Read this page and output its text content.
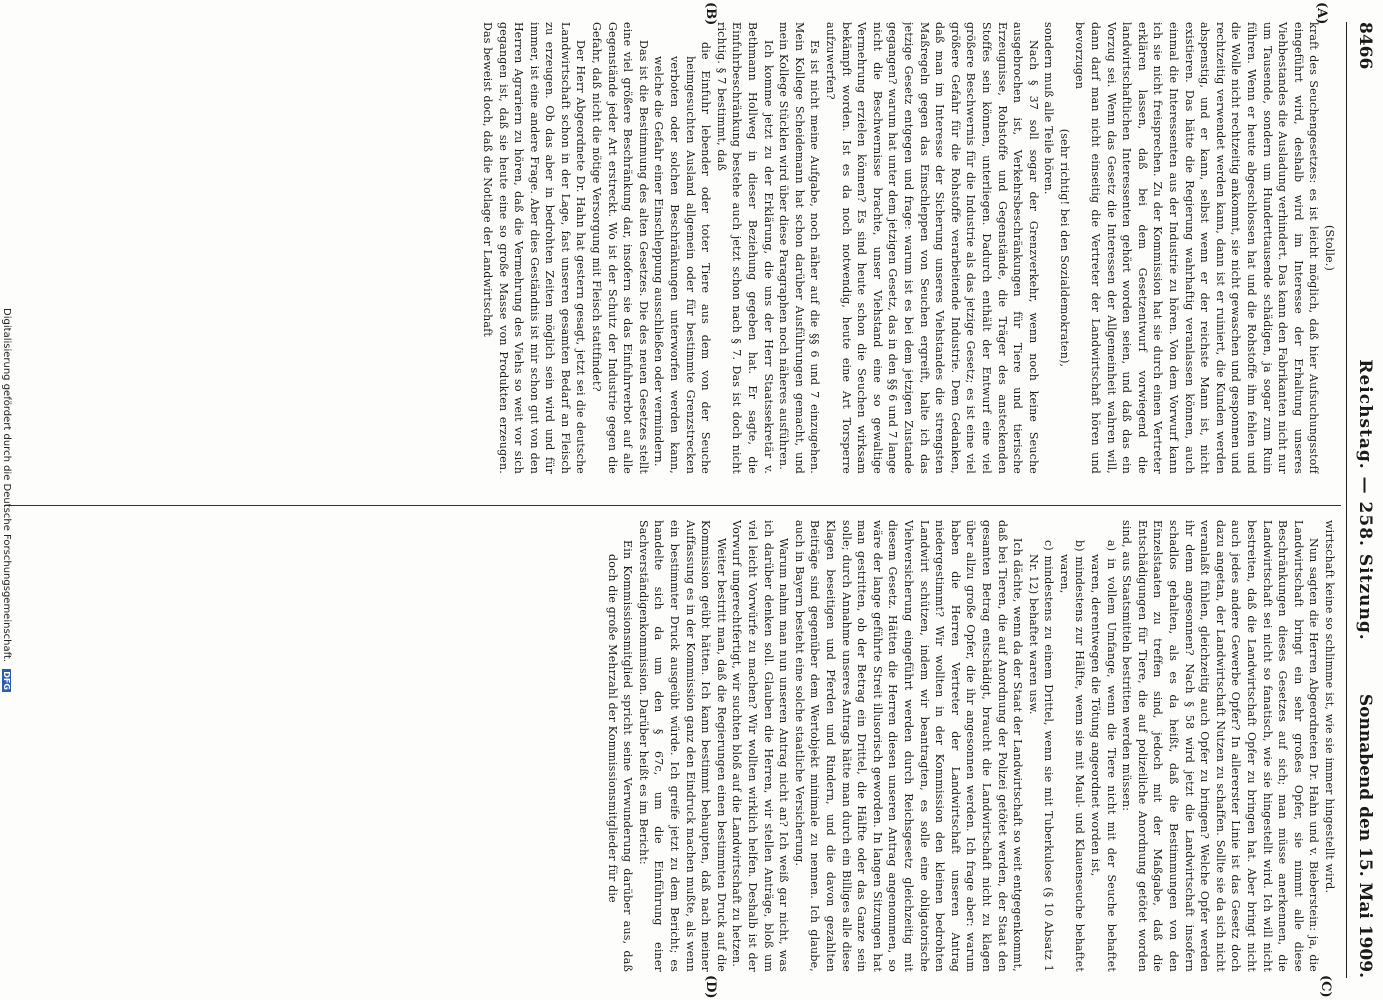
8466
Reichstag. — 258. Sitzung.
Sonnabend den 15. Mai 1909.
(A)
(B)
(C)
(D)

(Stolle.)

kraft des Seuchengesetzes: es ist leicht möglich, daß hier Aufsuchungsstoff eingeführt wird, deshalb wird im Interesse der Erhaltung unseres Viehbestandes die Ausladung verhindert. Das kann den Fabrikanten nicht nur um Tausende, sondern um Hunderttausende schädigen, ja sogar zum Ruin führen. Wenn er heute abgeschlossen hat und die Rohstoffe ihm fehlen und die Wolle nicht rechtzeitig ankommt, sie nicht gewaschen und gesponnen und rechtzeitig verwendet werden kann, dann ist er ruiniert, die Kunden werden abspenstig, und er kann, selbst wenn er der reichste Mann ist, nicht existieren. Das hätte die Regierung wahrhaftig veranlassen können, auch einmal die Interessenten aus der Industrie zu hören. Von dem Vorwurf kann ich sie nicht freisprechen. Zu der Kommission hat sie durch einen Vertreter erklären lassen, daß bei dem Gesetzentwurf vorwiegend die landwirtschaftlichen Interessenten gehört worden seien, und daß das ein Vorzug sei. Wenn das Gesetz die Interessen der Allgemeinheit wahren will, dann darf man nicht einseitig die Vertreter der Landwirtschaft hören und bevorzugen

(sehr richtig! bei den Sozialdemokraten),

sondern muß alle Teile hören.

Nach § 37 soll sogar der Grenzverkehr, wenn noch keine Seuche ausgebrochen ist, Verkehrsbeschränkungen für Tiere und tierische Erzeugnisse, Rohstoffe und Gegenstände, die Träger des ansteckenden Stoffes sein können, unterliegen. Dadurch enthält der Entwurf eine viel größere Beschwernis für die Industrie als das jetzige Gesetz; es ist eine viel größere Gefahr für die Rohstoffe verarbeitende Industrie. Dem Gedanken, daß man im Interesse der Sicherung unseres Viehstandes die strengsten Maßregeln gegen das Einschleppen von Seuchen ergreift, halte ich das jetzige Gesetz entgegen und frage: warum ist es bei dem jetzigen Zustande gegangen? warum hat unter dem jetzigen Gesetz, das in den §§ 6 und 7 lange nicht die Beschwernisse brachte, unser Viehstand eine so gewaltige Vermehrung erzielen können? Es sind heute schon die Seuchen wirksam bekämpft worden. Ist es da noch notwendig, heute eine Art Torsperre aufzuwerfen?

Es ist nicht meine Aufgabe, noch näher auf die §§ 6 und 7 einzugehen. Mein Kollege Scheidemann hat schon darüber Ausführungen gemacht, und mein Kollege Stücklen wird über diese Paragraphen noch näheres ausführen.

Ich komme jetzt zu der Erklärung, die uns der Herr Staatssekretär v. Bethmann Hollweg in dieser Beziehung gegeben hat. Er sagte, die Einfuhrbeschränkung bestehe auch jetzt schon nach § 7. Das ist doch nicht richtig. § 7 bestimmt, daß

die Einfuhr lebender oder toter Tiere aus dem von der Seuche heimgesuchten Ausland allgemein oder für bestimmte Grenzstrecken verboten oder solchen Beschränkungen unterworfen werden kann, welche die Gefahr einer Einschleppung ausschließen oder vermindern.

Das ist die Bestimmung des alten Gesetzes. Die des neuen Gesetzes stellt eine viel größere Beschränkung dar, insofern sie das Einfuhrverbot auf alle Gegenstände jeder Art erstreckt. Wo ist der Schutz der Industrie gegen die Gefahr, daß nicht die nötige Versorgung mit Fleisch stattfindet?

Der Herr Abgeordnete Dr. Hahn hat gestern gesagt, jetzt sei die deutsche Landwirtschaft schon in der Lage, fast unseren gesamten Bedarf an Fleisch zu erzeugen. Ob das aber in bedrohten Zeiten möglich sein wird und für immer, ist eine andere Frage. Aber dies Geständnis ist mir schon gut von den Herren Agrariern zu hören, daß die Vermehrung des Viehs so weit vor sich gegangen ist, daß sie heute eine so große Masse von Produkten erzeugen. Das beweist doch, daß die Notlage der Landwirtschaft

wirtschaft keine so schlimme ist, wie sie immer hingestellt wird.

Nun sagten die Herren Abgeordneten Dr. Hahn und v. Bieberstein: ja, die Landwirtschaft bringt ein sehr großes Opfer, sie nimmt alle diese Beschränkungen dieses Gesetzes auf sich; man müsse anerkennen, die Landwirtschaft sei nicht so fanatisch, wie sie hingestellt wird. Ich will nicht bestreiten, daß die Landwirtschaft Opfer zu bringen hat. Aber bringt nicht auch jedes andere Gewerbe Opfer? In allererster Linie ist das Gesetz doch dazu angetan, der Landwirtschaft Nutzen zu schaffen. Sollte sie da sich nicht veranlaßt fühlen, gleichzeitig auch Opfer zu bringen? Welche Opfer werden ihr denn angesonnen? Nach § 58 wird jetzt die Landwirtschaft insofern schadlos gehalten, als es da heißt, daß die Bestimmungen von den Einzelstaaten zu treffen sind, jedoch mit der Maßgabe, daß die Entschädigungen für Tiere, die auf polizeiliche Anordnung getötet worden sind, aus Staatsmitteln bestritten werden müssen:

a) in vollem Umfange, wenn die Tiere nicht mit der Seuche behaftet waren, derentwegen die Tötung angeordnet worden ist,

b) mindestens zur Hälfte, wenn sie mit Maul- und Klauenseuche behaftet waren,

c) mindestens zu einem Drittel, wenn sie mit Tuberkulose (§ 10 Absatz 1 Nr. 12) behaftet waren usw.

Ich dächte, wenn da der Staat der Landwirtschaft so weit entgegenkommt, daß bei Tieren, die auf Anordnung der Polizei getötet werden, der Staat den gesamten Betrag entschädigt, braucht die Landwirtschaft nicht zu klagen über allzu große Opfer, die ihr angesonnen werden. Ich frage aber: warum haben die Herren Vertreter der Landwirtschaft unseren Antrag niedergestimmt? Wir wollten in der Kommission den kleinen bedrohten Landwirt schützen, indem wir beantragten, es solle eine obligatorische Viehversicherung eingeführt werden durch Reichsgesetz gleichzeitig mit diesem Gesetz. Hätten die Herren diesen unseren Antrag angenommen, so wäre der lange geführte Streit illusorisch geworden. In langen Sitzungen hat man gestritten, ob der Betrag ein Drittel, die Hälfte oder das Ganze sein solle; durch Annahme unseres Antrags hätte man durch ein Billiges alle diese Klagen beseitigen und Pferden und Rindern, und die davon gezahlten Beiträge sind gegenüber dem Wertobjekt minimale zu nennen. Ich glaube, auch in Bayern besteht eine solche staatliche Versicherung.

Warum nahm man nun unseren Antrag nicht an? Ich weiß gar nicht, was ich darüber denken soll. Glauben die Herren, wir stellen Anträge, bloß um viel leicht Vorwürfe zu machen? Wir wollten wirklich helfen. Deshalb ist der Vorwurf ungerechtfertigt, wir suchten bloß auf die Landwirtschaft zu hetzen.

Weiter bestritt man, daß die Regierungen einen bestimmten Druck auf die Kommission geübt hätten. Ich kann bestimmt behaupten, daß nach meiner Auffassung es in der Kommission ganz den Eindruck machen mußte, als wenn ein bestimmter Druck ausgeübt würde. Ich greife jetzt zu dem Bericht; es handelte sich da um den § 67c, um die Einführung einer Sachverständigenkommission. Darüber heißt es im Bericht:

Ein Kommissionsmitglied spricht seine Verwunderung darüber aus, daß doch die große Mehrzahl der Kommissionsmitglieder für die

Digitalisierung gefördert durch die Deutsche Forschungsgemeinschaft. DFG
